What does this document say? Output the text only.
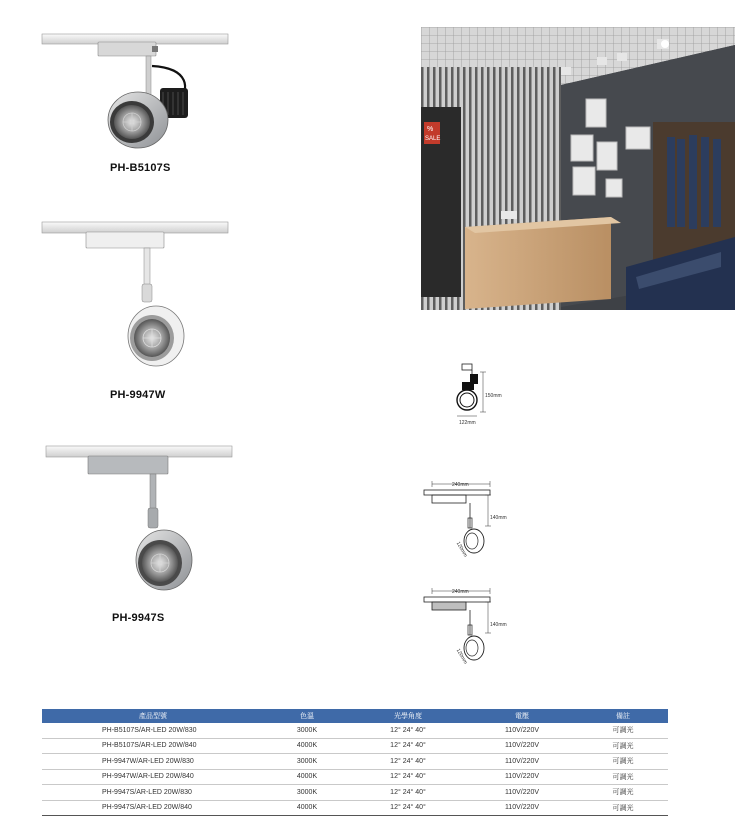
PH-B5107S
PH-9947W
PH-9947S
%
SALE
150mm
122mm
240mm
140mm
120mm
240mm
140mm
120mm
產品型號	色溫	光學角度	電壓	備註
PH-B5107S/AR-LED 20W/830	3000K	12° 24° 40°	110V/220V	可調光
PH-B5107S/AR-LED 20W/840	4000K	12° 24° 40°	110V/220V	可調光
PH-9947W/AR-LED 20W/830	3000K	12° 24° 40°	110V/220V	可調光
PH-9947W/AR-LED 20W/840	4000K	12° 24° 40°	110V/220V	可調光
PH-9947S/AR-LED 20W/830	3000K	12° 24° 40°	110V/220V	可調光
PH-9947S/AR-LED 20W/840	4000K	12° 24° 40°	110V/220V	可調光
